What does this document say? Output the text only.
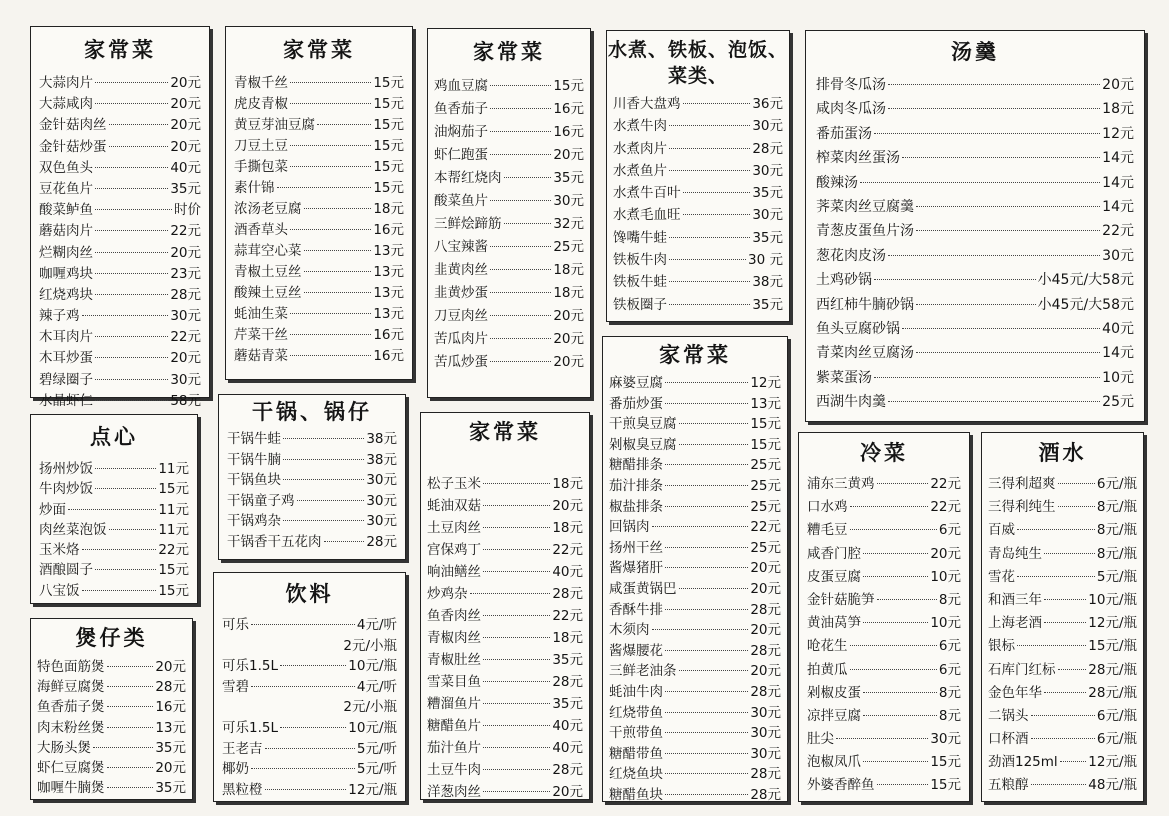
家常菜
大蒜肉片	20元
大蒜咸肉	20元
金针菇肉丝	20元
金针菇炒蛋	20元
双色鱼头	40元
豆花鱼片	35元
酸菜鲈鱼	时价
蘑菇肉片	22元
烂糊肉丝	20元
咖喱鸡块	23元
红烧鸡块	28元
辣子鸡	30元
木耳肉片	22元
木耳炒蛋	20元
碧绿圈子	30元
水晶虾仁	58元
家常菜
青椒千丝	15元
虎皮青椒	15元
黄豆芽油豆腐	15元
刀豆土豆	15元
手撕包菜	15元
素什锦	15元
浓汤老豆腐	18元
酒香草头	16元
蒜茸空心菜	13元
青椒土豆丝	13元
酸辣土豆丝	13元
蚝油生菜	13元
芹菜干丝	16元
蘑菇青菜	16元
家常菜
鸡血豆腐	15元
鱼香茄子	16元
油焖茄子	16元
虾仁跑蛋	20元
本帮红烧肉	35元
酸菜鱼片	30元
三鲜烩蹄筋	32元
八宝辣酱	25元
韭黄肉丝	18元
韭黄炒蛋	18元
刀豆肉丝	20元
苦瓜肉片	20元
苦瓜炒蛋	20元
水煮、铁板、泡饭、菜类、
川香大盘鸡	36元
水煮牛肉	30元
水煮肉片	28元
水煮鱼片	30元
水煮牛百叶	35元
水煮毛血旺	30元
馋嘴牛蛙	35元
铁板牛肉	30 元
铁板牛蛙	38元
铁板圈子	35元
汤羹
排骨冬瓜汤	20元
咸肉冬瓜汤	18元
番茄蛋汤	12元
榨菜肉丝蛋汤	14元
酸辣汤	14元
荠菜肉丝豆腐羹	14元
青葱皮蛋鱼片汤	22元
葱花肉皮汤	30元
土鸡砂锅	小45元/大58元
西红柿牛腩砂锅	小45元/大58元
鱼头豆腐砂锅	40元
青菜肉丝豆腐汤	14元
紫菜蛋汤	10元
西湖牛肉羹	25元
点心
扬州炒饭	11元
牛肉炒饭	15元
炒面	11元
肉丝菜泡饭	11元
玉米烙	22元
酒酿圆子	15元
八宝饭	15元
干锅、锅仔
干锅牛蛙	38元
干锅牛腩	38元
干锅鱼块	30元
干锅童子鸡	30元
干锅鸡杂	30元
干锅香干五花肉	28元
家常菜
松子玉米	18元
蚝油双菇	20元
土豆肉丝	18元
宫保鸡丁	22元
响油鳝丝	40元
炒鸡杂	28元
鱼香肉丝	22元
青椒肉丝	18元
青椒肚丝	35元
雪菜目鱼	28元
糟溜鱼片	35元
糖醋鱼片	40元
茄汁鱼片	40元
土豆牛肉	28元
洋葱肉丝	20元
家常菜
麻婆豆腐	12元
番茄炒蛋	13元
干煎臭豆腐	15元
剁椒臭豆腐	15元
糖醋排条	25元
茄汁排条	25元
椒盐排条	25元
回锅肉	22元
扬州干丝	25元
酱爆猪肝	20元
咸蛋黄锅巴	20元
香酥牛排	28元
木须肉	20元
酱爆腰花	28元
三鲜老油条	20元
蚝油牛肉	28元
红烧带鱼	30元
干煎带鱼	30元
糖醋带鱼	30元
红烧鱼块	28元
糖醋鱼块	28元
饮料
可乐	4元/听
2元/小瓶
可乐1.5L	10元/瓶
雪碧	4元/听
2元/小瓶
可乐1.5L	10元/瓶
王老吉	5元/听
椰奶	5元/听
黑粒橙	12元/瓶
煲仔类
特色面筋煲	20元
海鲜豆腐煲	28元
鱼香茄子煲	16元
肉末粉丝煲	13元
大肠头煲	35元
虾仁豆腐煲	20元
咖喱牛腩煲	35元
冷菜
浦东三黄鸡	22元
口水鸡	22元
糟毛豆	6元
咸香门腔	20元
皮蛋豆腐	10元
金针菇脆笋	8元
黄油莴笋	10元
呛花生	6元
拍黄瓜	6元
剁椒皮蛋	8元
凉拌豆腐	8元
肚尖	30元
泡椒凤爪	15元
外婆香醉鱼	15元
酒水
三得利超爽	6元/瓶
三得利纯生	8元/瓶
百威	8元/瓶
青岛纯生	8元/瓶
雪花	5元/瓶
和酒三年	10元/瓶
上海老酒	12元/瓶
银标	15元/瓶
石库门红标 28元/瓶
金色年华	28元/瓶
二锅头	6元/瓶
口杯酒	6元/瓶
劲酒125ml 12元/瓶
五粮醇	48元/瓶
